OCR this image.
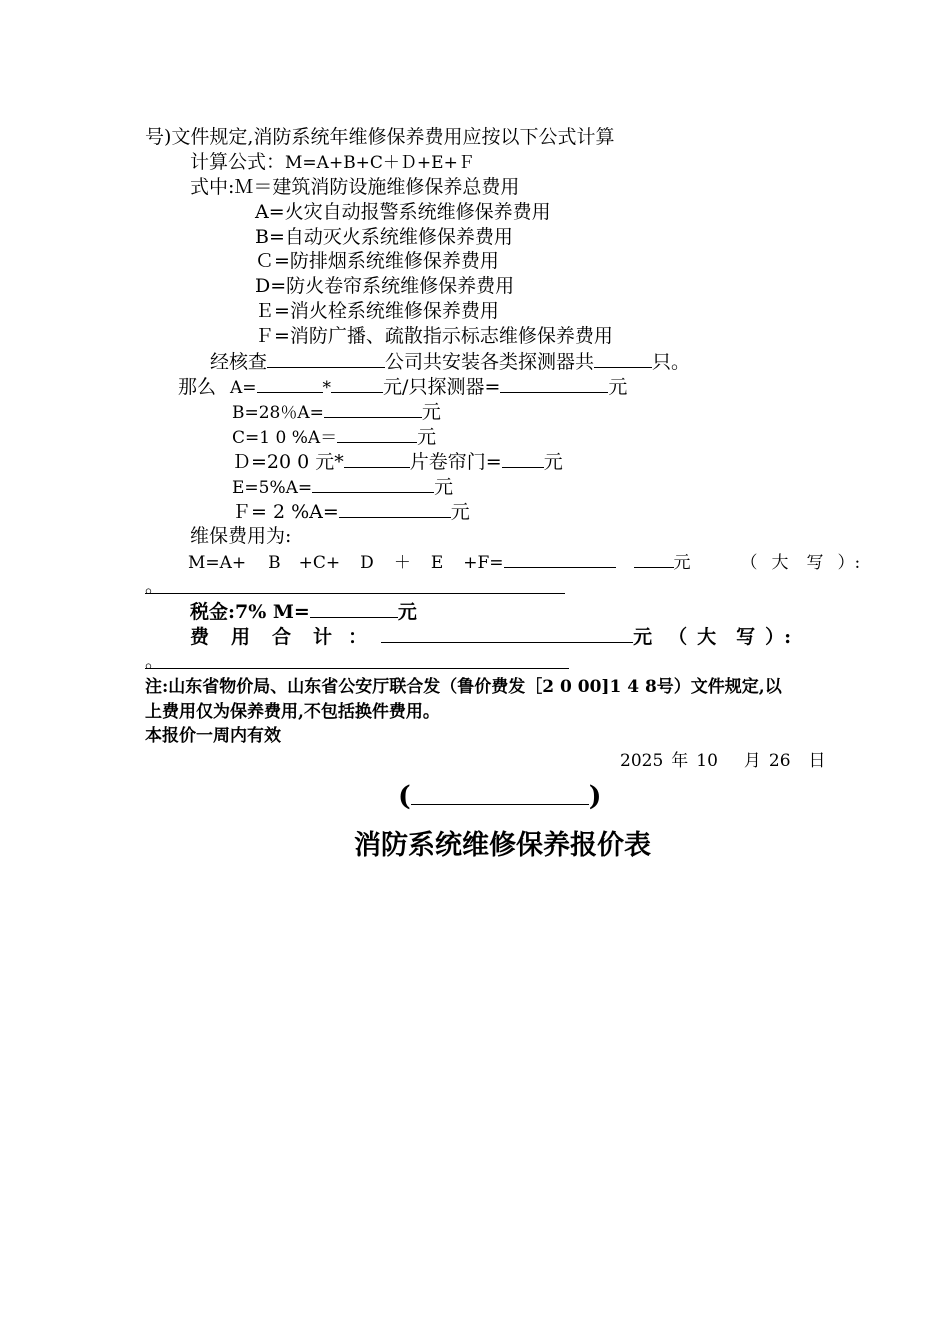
号)文件规定,消防系统年维修保养费用应按以下公式计算
计算公式：M=A+B+C＋Ｄ+E+Ｆ
式中:Ｍ＝建筑消防设施维修保养总费用
A=火灾自动报警系统维修保养费用
B=自动灭火系统维修保养费用
Ｃ=防排烟系统维修保养费用
D=防火卷帘系统维修保养费用
Ｅ=消火栓系统维修保养费用
Ｆ=消防广播、疏散指示标志维修保养费用
经核查	公司共安装各类探测器共	只。
那么 A=	*	元/只探测器=	元
B=28％A=	元
C=1 0 %A＝	元
Ｄ=20 0 元*	片卷帘门= 元
E=5%A=	元
Ｆ= 2 %A=	元
维保费用为:
M=A+ B +C+ D ＋ E +F=	元	（ 大 写 ）:
。
税金:7% M=	元
费 用 合 计 ：	元 （ 大 写 ）:
。
注:山东省物价局、山东省公安厅联合发（鲁价费发［2 0 00]1 4 8号）文件规定,以
上费用仅为保养费用,不包括换件费用。
本报价一周内有效
2025 年 10 月 26 日
(	)
消防系统维修保养报价表
